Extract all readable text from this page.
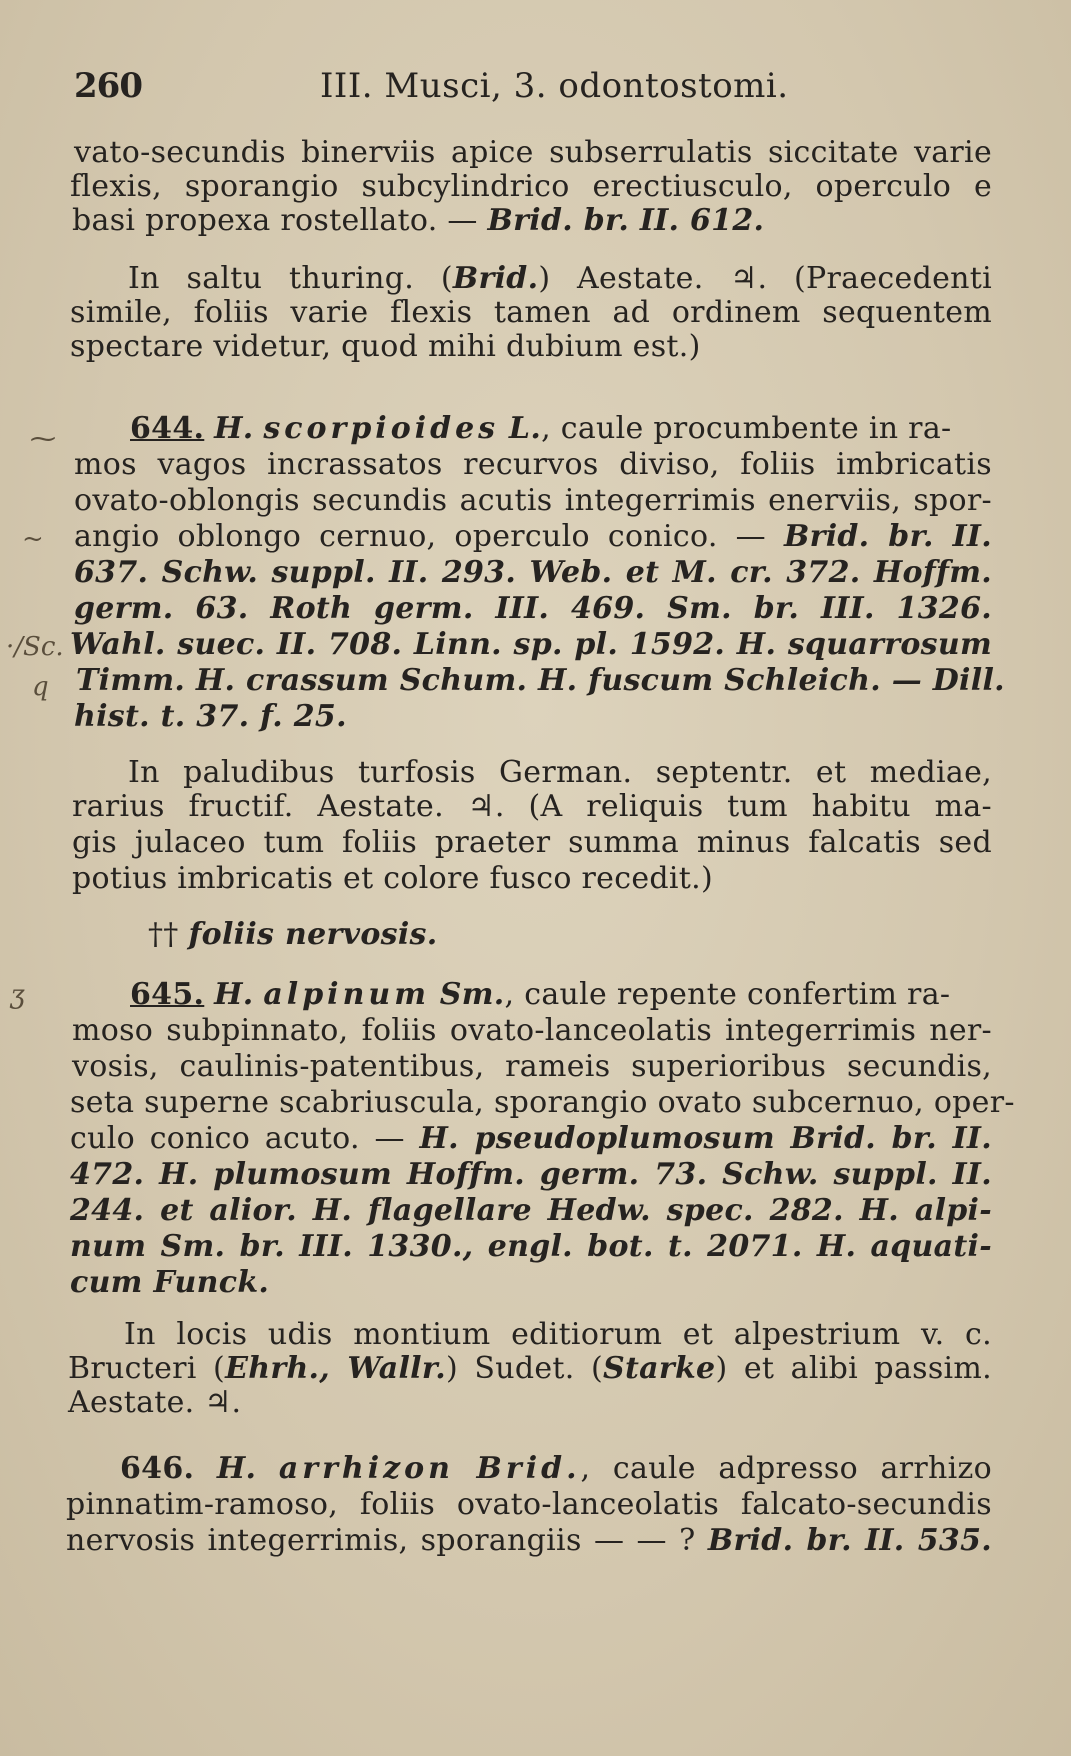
260	III. Musci, 3. odontostomi.
vato-secundis binerviis apice subserrulatis siccitate varie
flexis, sporangio subcylindrico erectiusculo, operculo e
basi propexa rostellato. — Brid. br. II. 612.
In saltu thuring. (Brid.) Aestate. ♃. (Praecedenti
simile, foliis varie flexis tamen ad ordinem sequentem
spectare videtur, quod mihi dubium est.)
644. H. scorpioides L., caule procumbente in ra-
mos vagos incrassatos recurvos diviso, foliis imbricatis
ovato-oblongis secundis acutis integerrimis enerviis, spor-
angio oblongo cernuo, operculo conico. — Brid. br. II.
637. Schw. suppl. II. 293. Web. et M. cr. 372. Hoffm.
germ. 63. Roth germ. III. 469. Sm. br. III. 1326.
Wahl. suec. II. 708. Linn. sp. pl. 1592. H. squarrosum
Timm. H. crassum Schum. H. fuscum Schleich. — Dill.
hist. t. 37. f. 25.
In paludibus turfosis German. septentr. et mediae,
rarius fructif. Aestate. ♃. (A reliquis tum habitu ma-
gis julaceo tum foliis praeter summa minus falcatis sed
potius imbricatis et colore fusco recedit.)
†† foliis nervosis.
645. H. alpinum Sm., caule repente confertim ra-
moso subpinnato, foliis ovato-lanceolatis integerrimis ner-
vosis, caulinis-patentibus, rameis superioribus secundis,
seta superne scabriuscula, sporangio ovato subcernuo, oper-
culo conico acuto. — H. pseudoplumosum Brid. br. II.
472. H. plumosum Hoffm. germ. 73. Schw. suppl. II.
244. et alior. H. flagellare Hedw. spec. 282. H. alpi-
num Sm. br. III. 1330., engl. bot. t. 2071. H. aquati-
cum Funck.
In locis udis montium editiorum et alpestrium v. c.
Bructeri (Ehrh., Wallr.) Sudet. (Starke) et alibi passim.
Aestate. ♃.
646. H. arrhizon Brid., caule adpresso arrhizo
pinnatim-ramoso, foliis ovato-lanceolatis falcato-secundis
nervosis integerrimis, sporangiis — — ? Brid. br. II. 535.
⁓
~
·/Sc.
q
ʒ
